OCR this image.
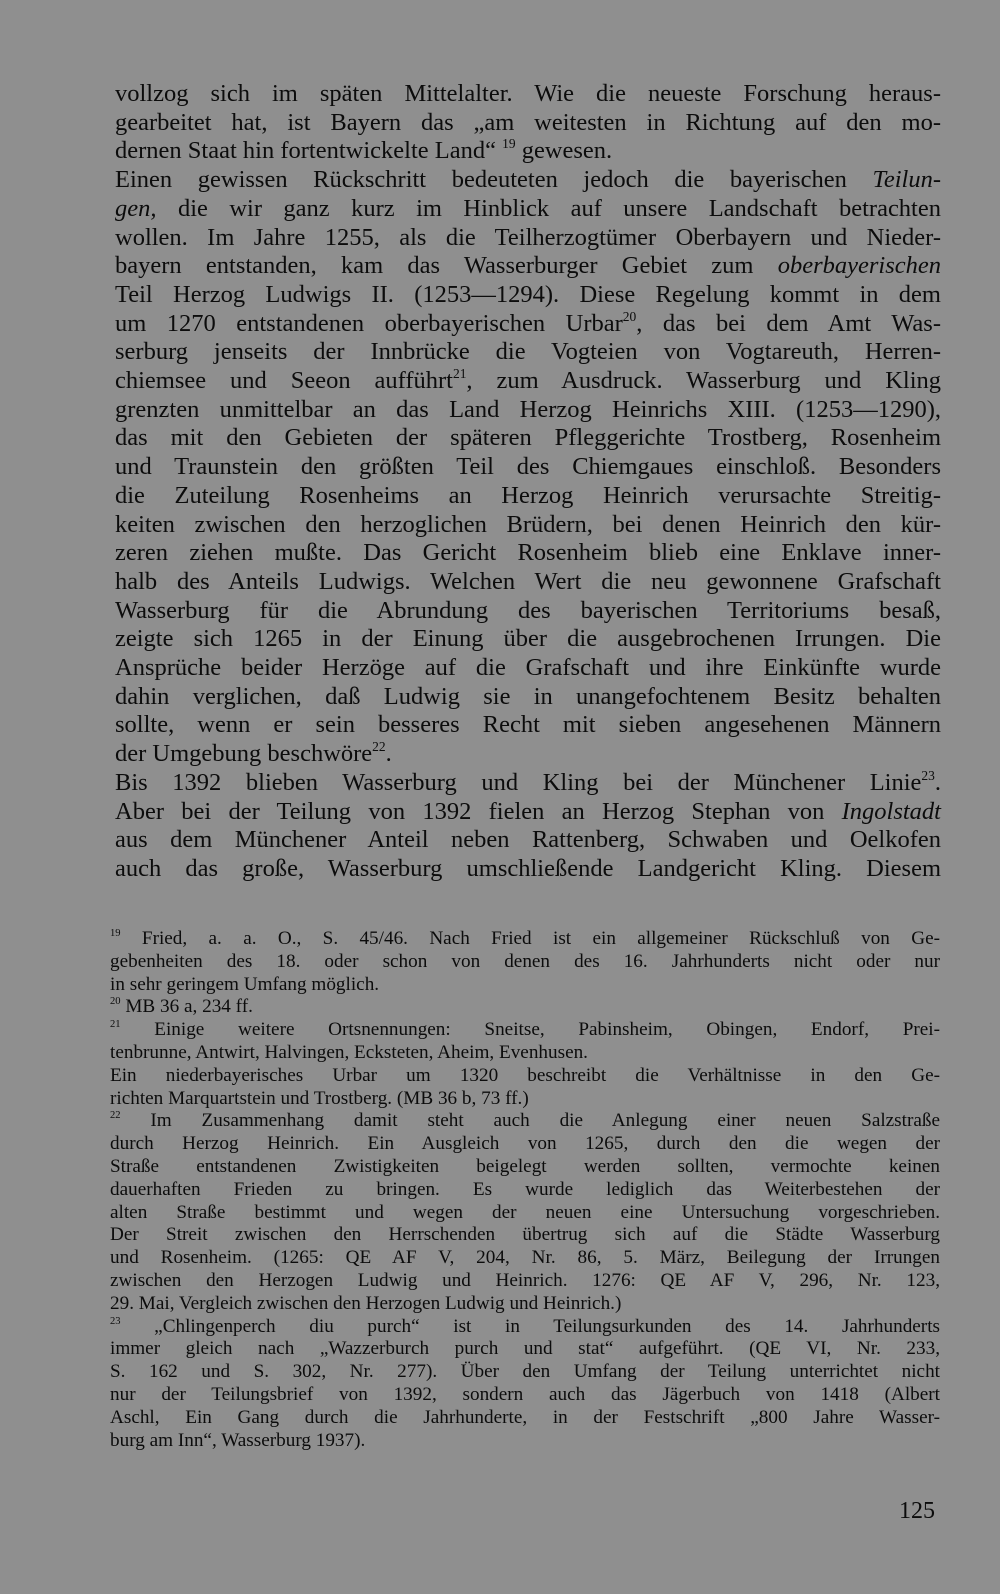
vollzog sich im späten Mittelalter. Wie die neueste Forschung heraus-
gearbeitet hat, ist Bayern das „am weitesten in Richtung auf den mo-
dernen Staat hin fortentwickelte Land“ $^{19}$ gewesen.
Einen gewissen Rückschritt bedeuteten jedoch die bayerischen Teilun-
gen, die wir ganz kurz im Hinblick auf unsere Landschaft betrachten
wollen. Im Jahre 1255, als die Teilherzogtümer Oberbayern und Nieder-
bayern entstanden, kam das Wasserburger Gebiet zum oberbayerischen
Teil Herzog Ludwigs II. (1253—1294). Diese Regelung kommt in dem
um 1270 entstandenen oberbayerischen Urbar$^{20}$, das bei dem Amt Was-
serburg jenseits der Innbrücke die Vogteien von Vogtareuth, Herren-
chiemsee und Seeon aufführt$^{21}$, zum Ausdruck. Wasserburg und Kling
grenzten unmittelbar an das Land Herzog Heinrichs XIII. (1253—1290),
das mit den Gebieten der späteren Pfleggerichte Trostberg, Rosenheim
und Traunstein den größten Teil des Chiemgaues einschloß. Besonders
die Zuteilung Rosenheims an Herzog Heinrich verursachte Streitig-
keiten zwischen den herzoglichen Brüdern, bei denen Heinrich den kür-
zeren ziehen mußte. Das Gericht Rosenheim blieb eine Enklave inner-
halb des Anteils Ludwigs. Welchen Wert die neu gewonnene Grafschaft
Wasserburg für die Abrundung des bayerischen Territoriums besaß,
zeigte sich 1265 in der Einung über die ausgebrochenen Irrungen. Die
Ansprüche beider Herzöge auf die Grafschaft und ihre Einkünfte wurde
dahin verglichen, daß Ludwig sie in unangefochtenem Besitz behalten
sollte, wenn er sein besseres Recht mit sieben angesehenen Männern
der Umgebung beschwöre$^{22}$.
Bis 1392 blieben Wasserburg und Kling bei der Münchener Linie$^{23}$.
Aber bei der Teilung von 1392 fielen an Herzog Stephan von Ingolstadt
aus dem Münchener Anteil neben Rattenberg, Schwaben und Oelkofen
auch das große, Wasserburg umschließende Landgericht Kling. Diesem
$^{19}$ Fried, a. a. O., S. 45/46. Nach Fried ist ein allgemeiner Rückschluß von Ge-
gebenheiten des 18. oder schon von denen des 16. Jahrhunderts nicht oder nur
in sehr geringem Umfang möglich.
$^{20}$ MB 36 a, 234 ff.
$^{21}$ Einige weitere Ortsnennungen: Sneitse, Pabinsheim, Obingen, Endorf, Prei-
tenbrunne, Antwirt, Halvingen, Ecksteten, Aheim, Evenhusen.
Ein niederbayerisches Urbar um 1320 beschreibt die Verhältnisse in den Ge-
richten Marquartstein und Trostberg. (MB 36 b, 73 ff.)
$^{22}$ Im Zusammenhang damit steht auch die Anlegung einer neuen Salzstraße
durch Herzog Heinrich. Ein Ausgleich von 1265, durch den die wegen der
Straße entstandenen Zwistigkeiten beigelegt werden sollten, vermochte keinen
dauerhaften Frieden zu bringen. Es wurde lediglich das Weiterbestehen der
alten Straße bestimmt und wegen der neuen eine Untersuchung vorgeschrieben.
Der Streit zwischen den Herrschenden übertrug sich auf die Städte Wasserburg
und Rosenheim. (1265: QE AF V, 204, Nr. 86, 5. März, Beilegung der Irrungen
zwischen den Herzogen Ludwig und Heinrich. 1276: QE AF V, 296, Nr. 123,
29. Mai, Vergleich zwischen den Herzogen Ludwig und Heinrich.)
$^{23}$ „Chlingenperch diu purch“ ist in Teilungsurkunden des 14. Jahrhunderts
immer gleich nach „Wazzerburch purch und stat“ aufgeführt. (QE VI, Nr. 233,
S. 162 und S. 302, Nr. 277). Über den Umfang der Teilung unterrichtet nicht
nur der Teilungsbrief von 1392, sondern auch das Jägerbuch von 1418 (Albert
Aschl, Ein Gang durch die Jahrhunderte, in der Festschrift „800 Jahre Wasser-
burg am Inn“, Wasserburg 1937).
125
